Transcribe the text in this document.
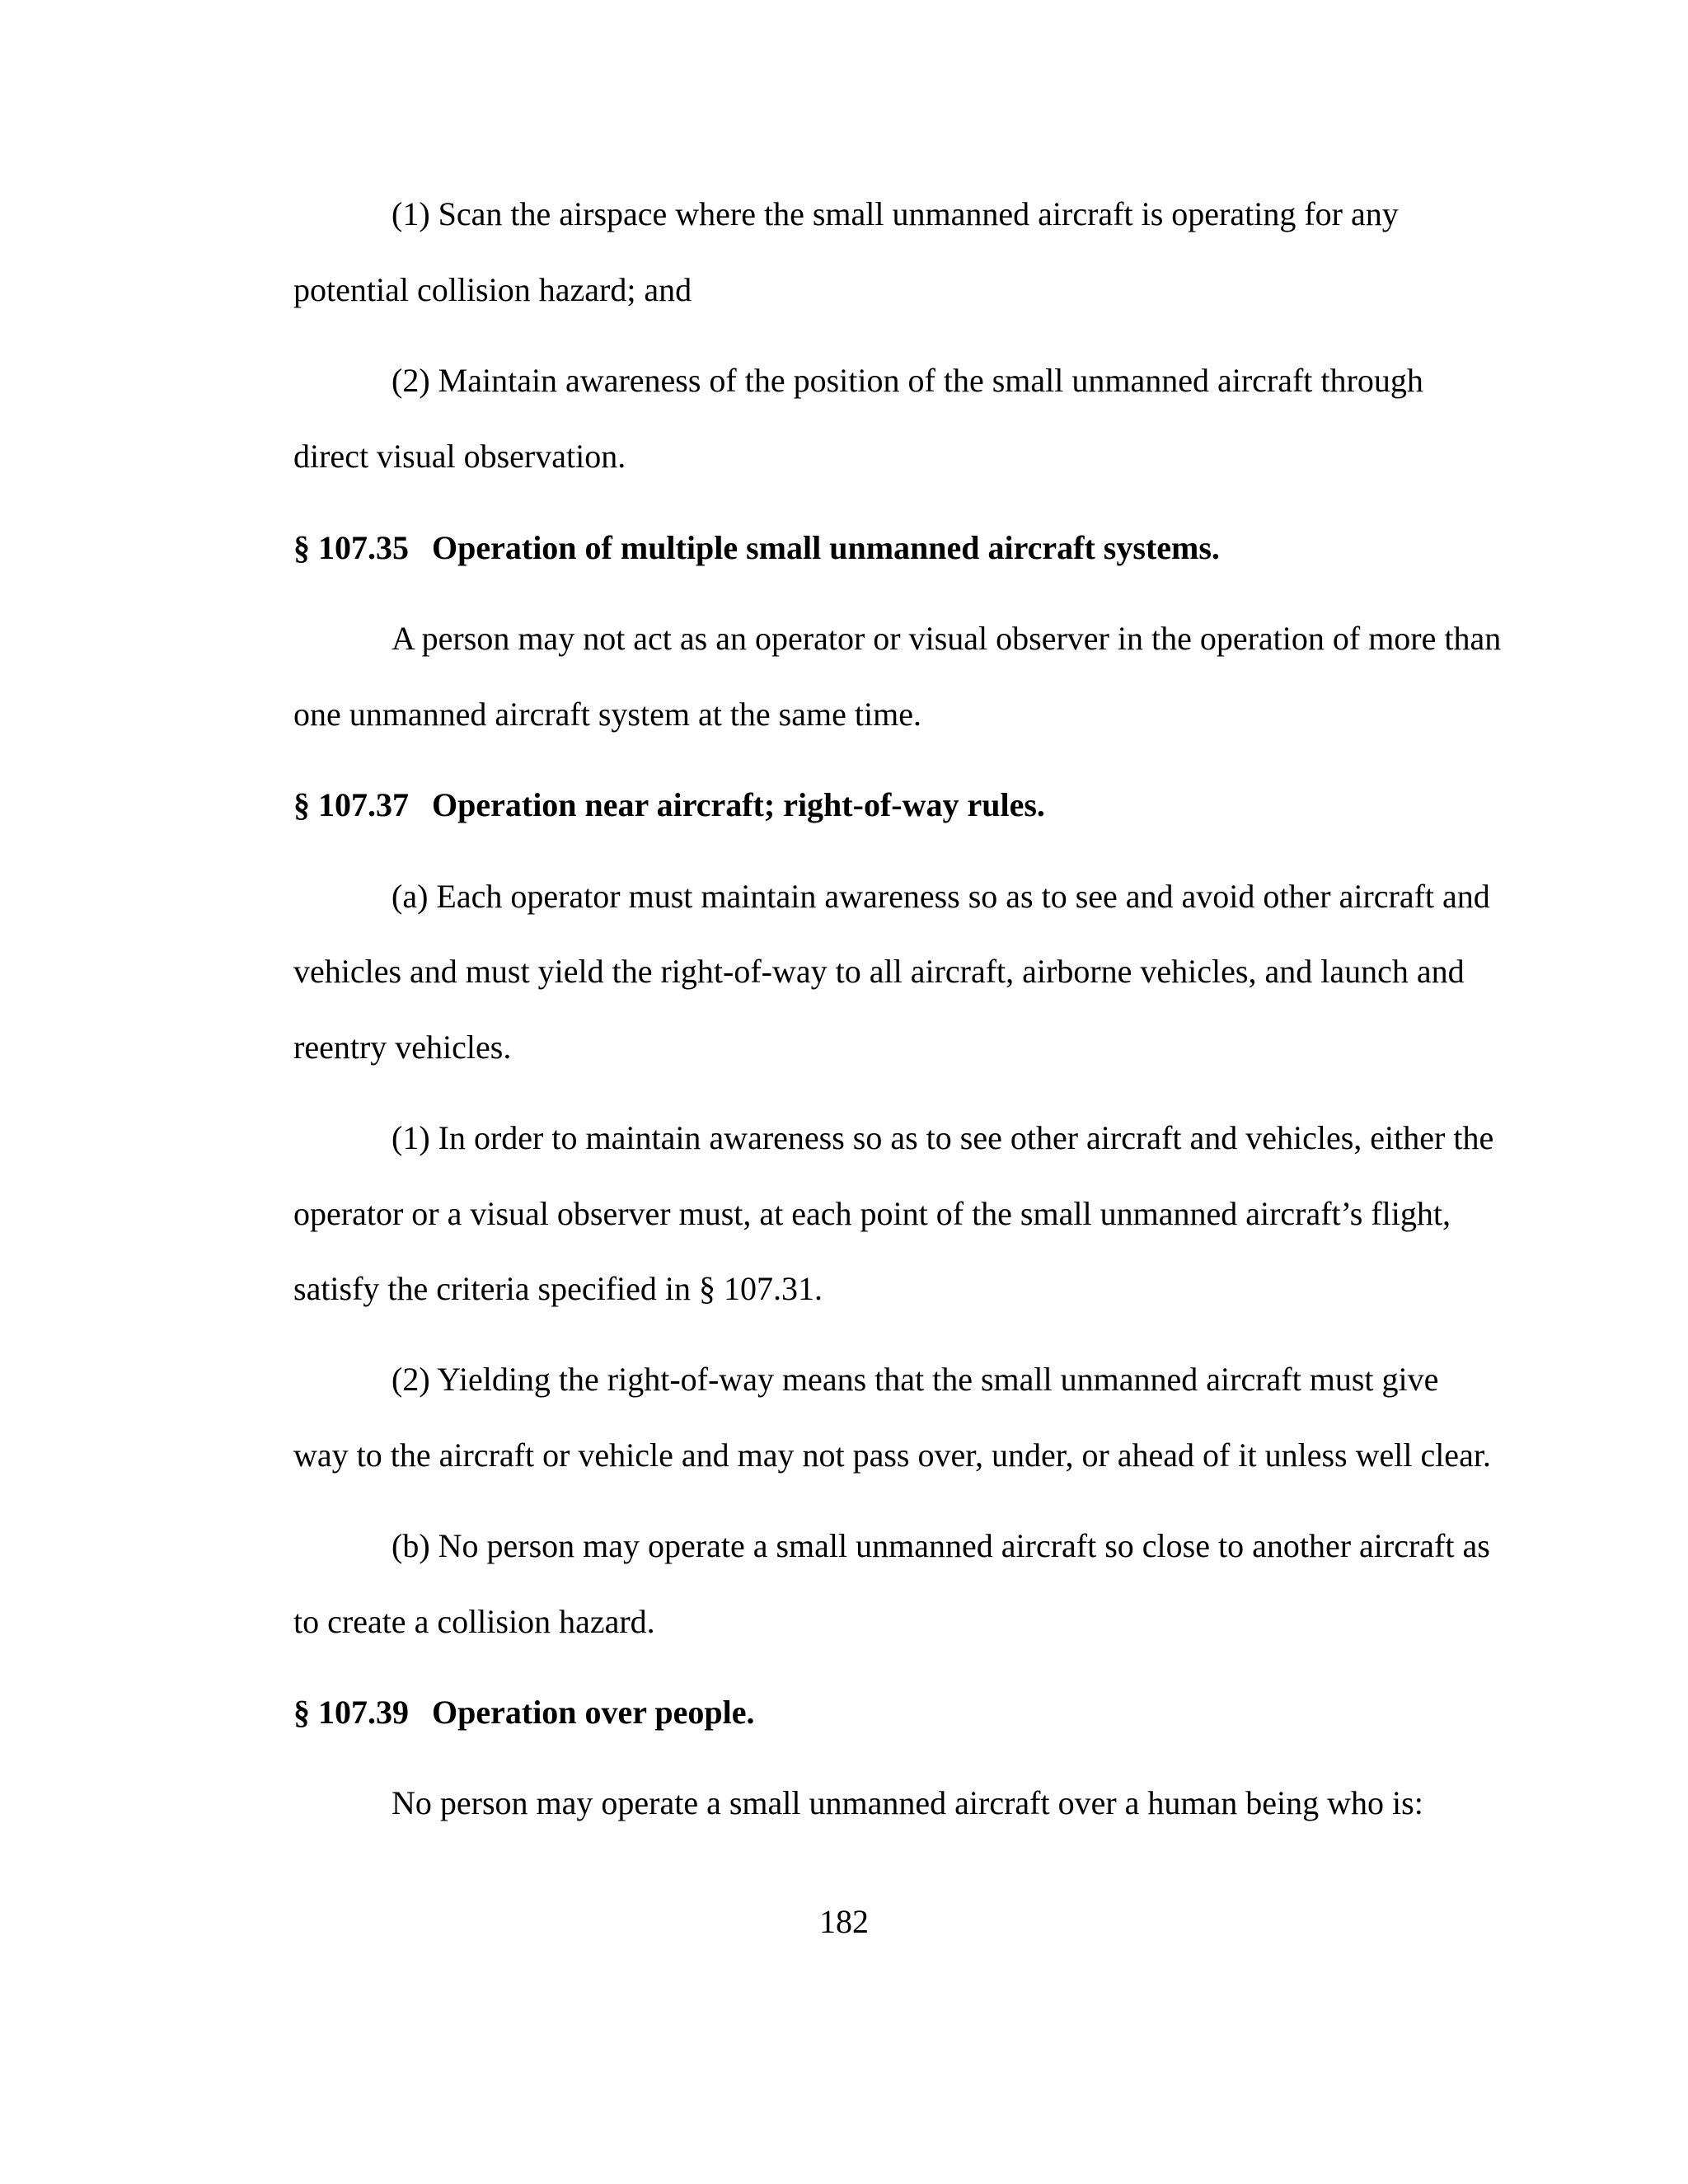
(1) Scan the airspace where the small unmanned aircraft is operating for any

potential collision hazard; and

(2) Maintain awareness of the position of the small unmanned aircraft through

direct visual observation.

§ 107.35 Operation of multiple small unmanned aircraft systems.

A person may not act as an operator or visual observer in the operation of more than

one unmanned aircraft system at the same time.

§ 107.37 Operation near aircraft; right-of-way rules.

(a) Each operator must maintain awareness so as to see and avoid other aircraft and

vehicles and must yield the right-of-way to all aircraft, airborne vehicles, and launch and

reentry vehicles.

(1) In order to maintain awareness so as to see other aircraft and vehicles, either the

operator or a visual observer must, at each point of the small unmanned aircraft’s flight,

satisfy the criteria specified in § 107.31.

(2) Yielding the right-of-way means that the small unmanned aircraft must give

way to the aircraft or vehicle and may not pass over, under, or ahead of it unless well clear.

(b) No person may operate a small unmanned aircraft so close to another aircraft as

to create a collision hazard.

§ 107.39 Operation over people.

No person may operate a small unmanned aircraft over a human being who is:

182
